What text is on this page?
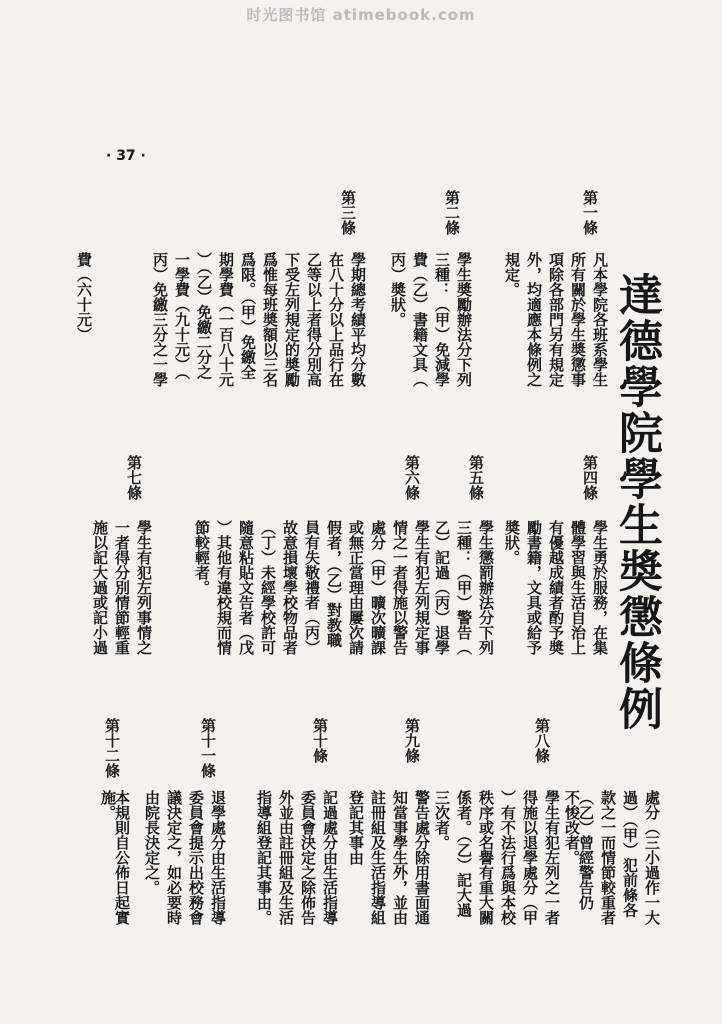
时光图书馆 atimebook.com
· 37 ·
達德學院學生奬懲條例
第一條
第二條
第三條
凡本學院各班系學生
所有關於學生奬懲事
項除各部門另有規定
外，均適應本條例之
規定。
學生奬勵辦法分下列
三種：（甲）免減學
費（乙）書籍文具（
丙）奬狀。
學期總考績平均分數
在八十分以上品行在
乙等以上者得分別高
下受左列規定的奬勵
爲惟每班奬額以三名
爲限。（甲）免繳全
期學費（一百八十元
）（乙）免繳二分之
一學費（九十元）（
丙）免繳三分之一學
費（六十元）
第四條
第五條
第六條
第七條
學生勇於服務，在集
體學習與生活自治上
有優越成績者酌予奬
勵書籍，文具或給予
奬狀。
學生懲罰辦法分下列
三種：（甲）警告（
乙）記過（丙）退學
學生有犯左列規定事
情之一者得施以警告
處分（甲）曠次曠課
或無正當理由屢次請
假者，（乙）對教職
員有失敬禮者（丙）
故意損壞學校物品者
（丁）未經學校許可
隨意粘貼文告者（戊
）其他有違校規而情
節較輕者。
學生有犯左列事情之
一者得分別情節輕重
施以記大過或記小過
第八條
第九條
第十條
第十一條
第十二條
處分（三小過作一大
過）（甲）犯前條各
款之一而情節較重者
（乙）曾經警告仍
不悛改者。
學生有犯左列之一者
得施以退學處分（甲
）有不法行爲與本校
秩序或名譽有重大關
係者。（乙）記大過
三次者。
警告處分除用書面通
知當事學生外，並由
註冊組及生活指導組
登記其事由
記過處分由生活指導
委員會決定之除佈告
外並由註冊組及生活
指導組登記其事由。
退學處分由生活指導
委員會提示出校務會
議決定之，如必要時
由院長決定之。
本規則自公佈日起實
施。
